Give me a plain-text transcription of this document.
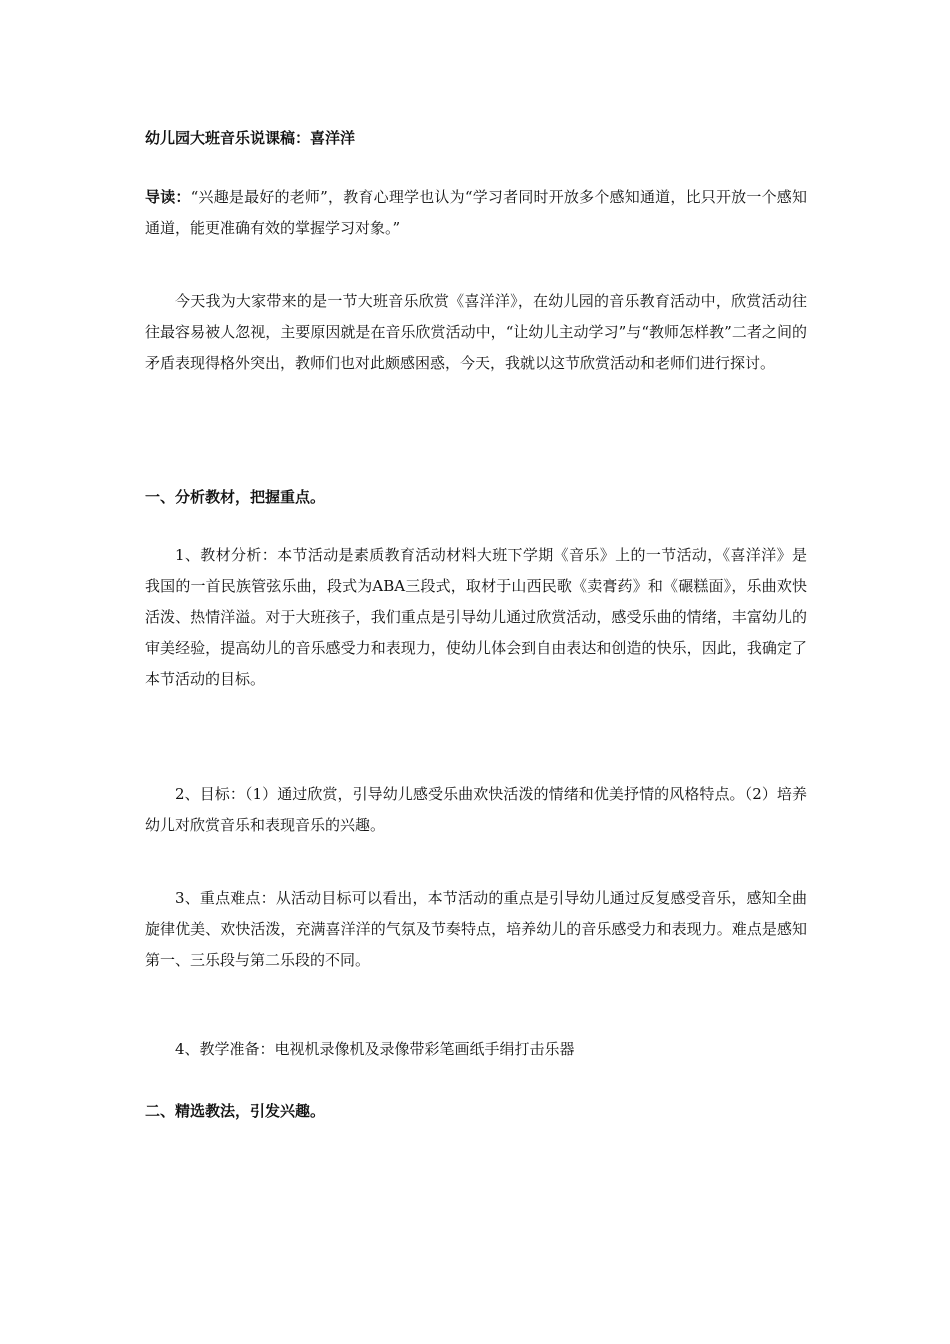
幼儿园大班音乐说课稿：喜洋洋
导读：“兴趣是最好的老师”，教育心理学也认为“学习者同时开放多个感知通道，比只开放一个感知通道，能更准确有效的掌握学习对象。”
今天我为大家带来的是一节大班音乐欣赏《喜洋洋》，在幼儿园的音乐教育活动中，欣赏活动往往最容易被人忽视，主要原因就是在音乐欣赏活动中，“让幼儿主动学习”与“教师怎样教”二者之间的矛盾表现得格外突出，教师们也对此颇感困惑，今天，我就以这节欣赏活动和老师们进行探讨。
一、分析教材，把握重点。
1、教材分析：本节活动是素质教育活动材料大班下学期《音乐》上的一节活动，《喜洋洋》是我国的一首民族管弦乐曲，段式为ABA三段式，取材于山西民歌《卖膏药》和《碾糕面》，乐曲欢快活泼、热情洋溢。对于大班孩子，我们重点是引导幼儿通过欣赏活动，感受乐曲的情绪，丰富幼儿的审美经验，提高幼儿的音乐感受力和表现力，使幼儿体会到自由表达和创造的快乐，因此，我确定了本节活动的目标。
2、目标：（1）通过欣赏，引导幼儿感受乐曲欢快活泼的情绪和优美抒情的风格特点。（2）培养幼儿对欣赏音乐和表现音乐的兴趣。
3、重点难点：从活动目标可以看出，本节活动的重点是引导幼儿通过反复感受音乐，感知全曲旋律优美、欢快活泼，充满喜洋洋的气氛及节奏特点，培养幼儿的音乐感受力和表现力。难点是感知第一、三乐段与第二乐段的不同。
4、教学准备：电视机录像机及录像带彩笔画纸手绢打击乐器
二、精选教法，引发兴趣。
